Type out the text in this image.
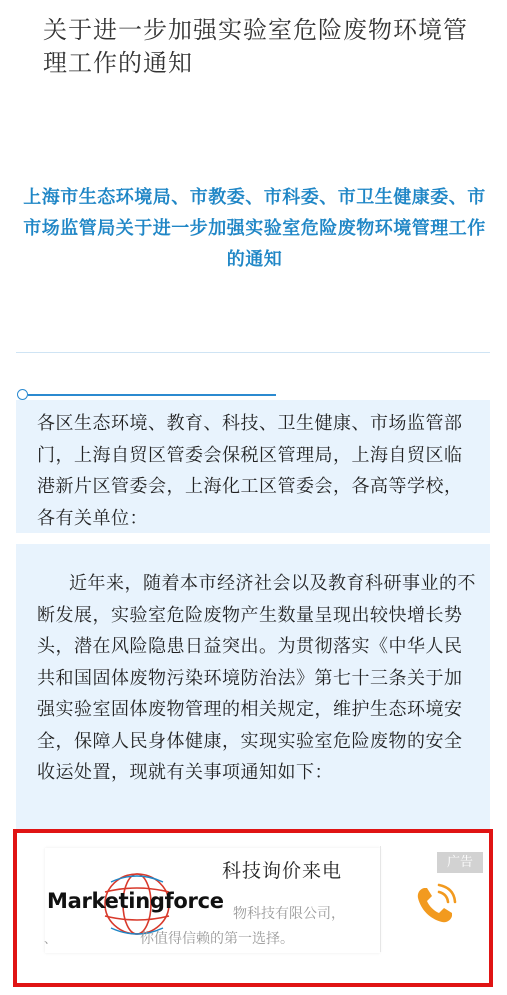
关于进一步加强实验室危险废物环境管理工作的通知
上海市生态环境局、市教委、市科委、市卫生健康委、市市场监管局关于进一步加强实验室危险废物环境管理工作的通知
各区生态环境、教育、科技、卫生健康、市场监管部门，上海自贸区管委会保税区管理局，上海自贸区临港新片区管委会，上海化工区管委会，各高等学校，各有关单位：
近年来，随着本市经济社会以及教育科研事业的不断发展，实验室危险废物产生数量呈现出较快增长势头，潜在风险隐患日益突出。为贯彻落实《中华人民共和国固体废物污染环境防治法》第七十三条关于加强实验室固体废物管理的相关规定，维护生态环境安全，保障人民身体健康，实现实验室危险废物的安全收运处置，现就有关事项通知如下：
Marketingforce
科技询价来电
物科技有限公司，
你值得信赖的第一选择。
、
广告
